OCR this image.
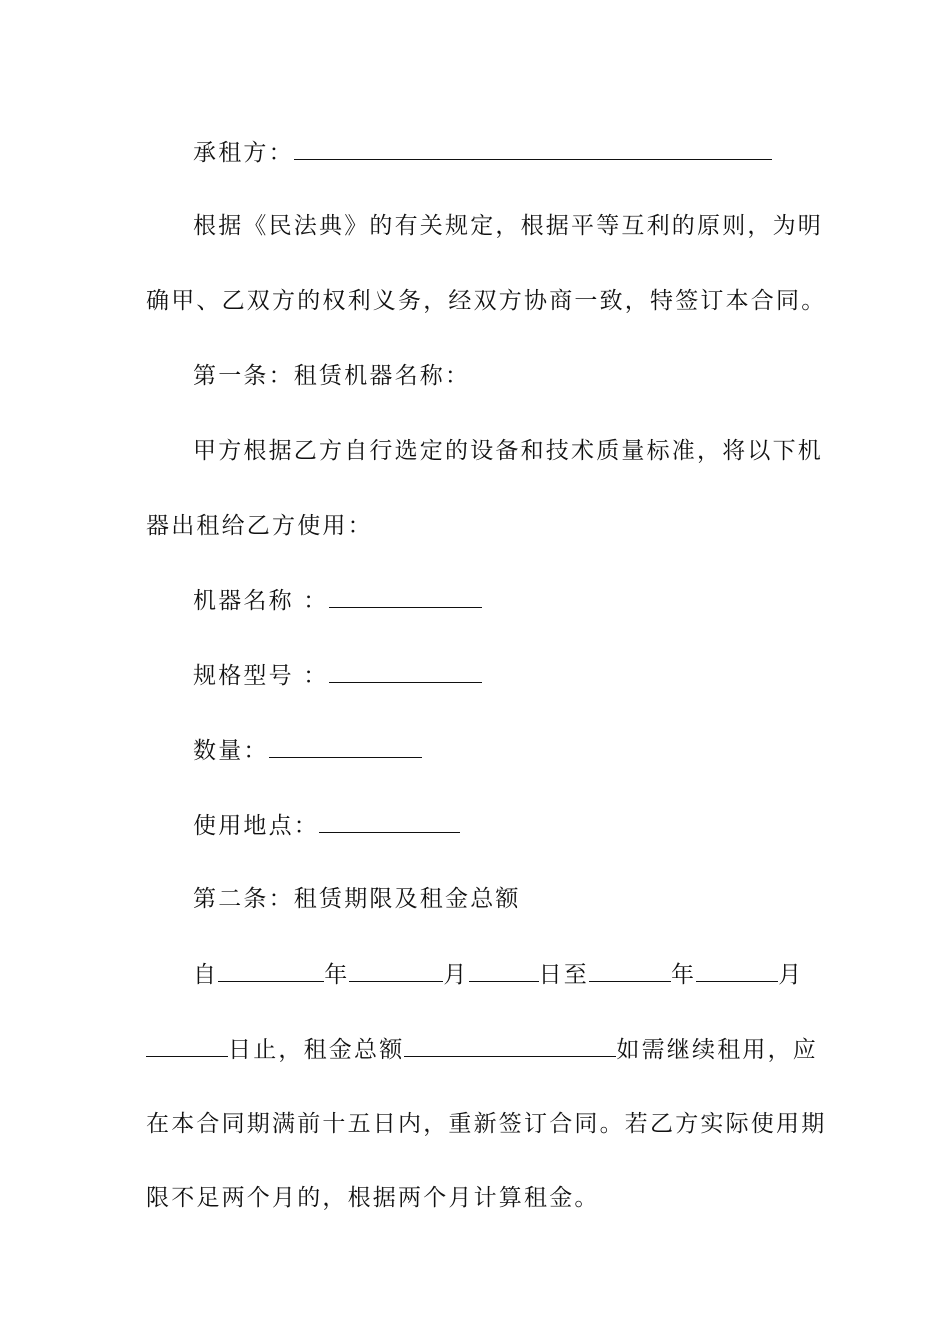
承租方：
根据《民法典》的有关规定，根据平等互利的原则，为明
确甲、乙双方的权利义务，经双方协商一致，特签订本合同。
第一条：租赁机器名称：
甲方根据乙方自行选定的设备和技术质量标准，将以下机
器出租给乙方使用：
机器名称 ：
规格型号 ：
数量：
使用地点：
第二条：租赁期限及租金总额
自	年	月	日至	年	月
日止，租金总额	如需继续租用，应
在本合同期满前十五日内，重新签订合同。若乙方实际使用期
限不足两个月的，根据两个月计算租金。
